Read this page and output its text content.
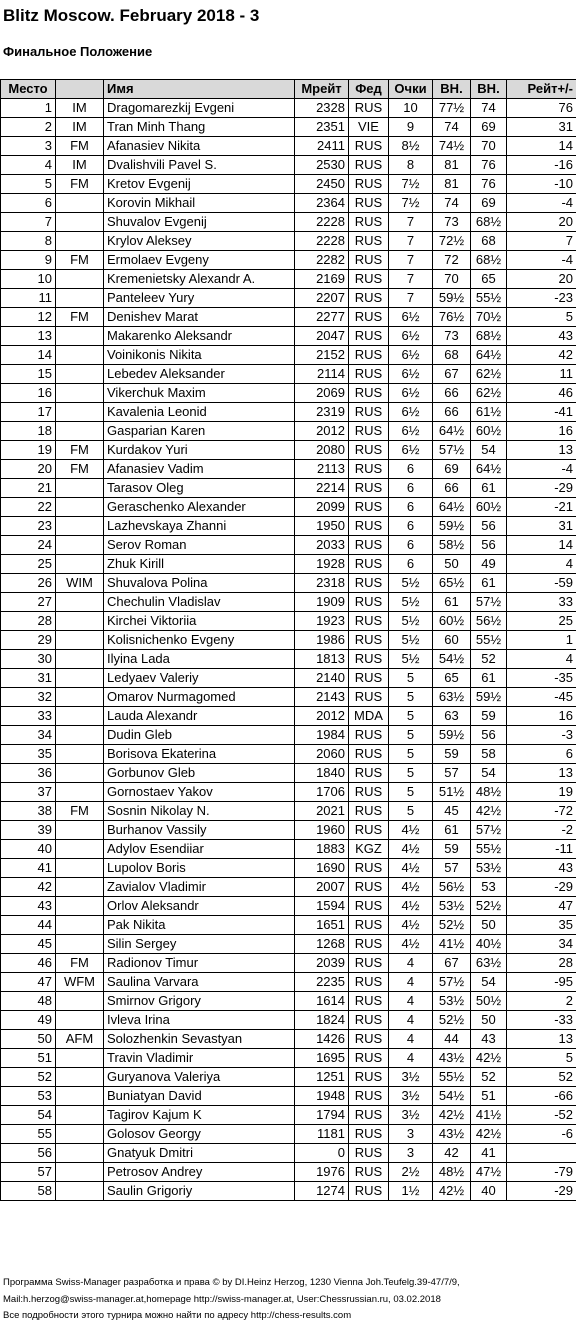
Blitz Moscow. February 2018 - 3
Финальное Положение
Место		Имя	Мрейт	Фед	Очки	ВН.	ВН.	Рейт+/-
1	IM	Dragomarezkij Evgeni	2328	RUS	10	77½	74	76
2	IM	Tran Minh Thang	2351	VIE	9	74	69	31
3	FM	Afanasiev Nikita	2411	RUS	8½	74½	70	14
4	IM	Dvalishvili Pavel S.	2530	RUS	8	81	76	-16
5	FM	Kretov Evgenij	2450	RUS	7½	81	76	-10
6		Korovin Mikhail	2364	RUS	7½	74	69	-4
7		Shuvalov Evgenij	2228	RUS	7	73	68½	20
8		Krylov Aleksey	2228	RUS	7	72½	68	7
9	FM	Ermolaev Evgeny	2282	RUS	7	72	68½	-4
10		Kremenietsky Alexandr A.	2169	RUS	7	70	65	20
11		Panteleev Yury	2207	RUS	7	59½	55½	-23
12	FM	Denishev Marat	2277	RUS	6½	76½	70½	5
13		Makarenko Aleksandr	2047	RUS	6½	73	68½	43
14		Voinikonis Nikita	2152	RUS	6½	68	64½	42
15		Lebedev Aleksander	2114	RUS	6½	67	62½	11
16		Vikerchuk Maxim	2069	RUS	6½	66	62½	46
17		Kavalenia Leonid	2319	RUS	6½	66	61½	-41
18		Gasparian Karen	2012	RUS	6½	64½	60½	16
19	FM	Kurdakov Yuri	2080	RUS	6½	57½	54	13
20	FM	Afanasiev Vadim	2113	RUS	6	69	64½	-4
21		Tarasov Oleg	2214	RUS	6	66	61	-29
22		Geraschenko Alexander	2099	RUS	6	64½	60½	-21
23		Lazhevskaya Zhanni	1950	RUS	6	59½	56	31
24		Serov Roman	2033	RUS	6	58½	56	14
25		Zhuk Kirill	1928	RUS	6	50	49	4
26	WIM	Shuvalova Polina	2318	RUS	5½	65½	61	-59
27		Chechulin Vladislav	1909	RUS	5½	61	57½	33
28		Kirchei Viktoriia	1923	RUS	5½	60½	56½	25
29		Kolisnichenko Evgeny	1986	RUS	5½	60	55½	1
30		Ilyina Lada	1813	RUS	5½	54½	52	4
31		Ledyaev Valeriy	2140	RUS	5	65	61	-35
32		Omarov Nurmagomed	2143	RUS	5	63½	59½	-45
33		Lauda Alexandr	2012	MDA	5	63	59	16
34		Dudin Gleb	1984	RUS	5	59½	56	-3
35		Borisova Ekaterina	2060	RUS	5	59	58	6
36		Gorbunov Gleb	1840	RUS	5	57	54	13
37		Gornostaev Yakov	1706	RUS	5	51½	48½	19
38	FM	Sosnin Nikolay N.	2021	RUS	5	45	42½	-72
39		Burhanov Vassily	1960	RUS	4½	61	57½	-2
40		Adylov Esendiiar	1883	KGZ	4½	59	55½	-11
41		Lupolov Boris	1690	RUS	4½	57	53½	43
42		Zavialov Vladimir	2007	RUS	4½	56½	53	-29
43		Orlov Aleksandr	1594	RUS	4½	53½	52½	47
44		Pak Nikita	1651	RUS	4½	52½	50	35
45		Silin Sergey	1268	RUS	4½	41½	40½	34
46	FM	Radionov Timur	2039	RUS	4	67	63½	28
47	WFM	Saulina Varvara	2235	RUS	4	57½	54	-95
48		Smirnov Grigory	1614	RUS	4	53½	50½	2
49		Ivleva Irina	1824	RUS	4	52½	50	-33
50	AFM	Solozhenkin Sevastyan	1426	RUS	4	44	43	13
51		Travin Vladimir	1695	RUS	4	43½	42½	5
52		Guryanova Valeriya	1251	RUS	3½	55½	52	52
53		Buniatyan David	1948	RUS	3½	54½	51	-66
54		Tagirov Kajum K	1794	RUS	3½	42½	41½	-52
55		Golosov Georgy	1181	RUS	3	43½	42½	-6
56		Gnatyuk Dmitri	0	RUS	3	42	41	
57		Petrosov Andrey	1976	RUS	2½	48½	47½	-79
58		Saulin Grigoriy	1274	RUS	1½	42½	40	-29
Программа Swiss-Manager разработка и права © by DI.Heinz Herzog, 1230 Vienna Joh.Teufelg.39-47/7/9,
Mail:h.herzog@swiss-manager.at,homepage http://swiss-manager.at, User:Chessrussian.ru, 03.02.2018
Все подробности этого турнира можно найти по адресу http://chess-results.com
